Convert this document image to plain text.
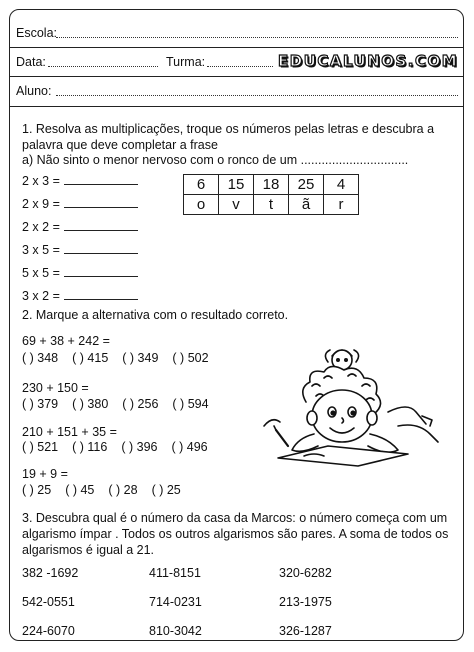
Escola:
Data:	Turma:	EDUCALUNOS.COM
Aluno:
1. Resolva as multiplicações, troque os números pelas letras e descubra a palavra que deve completar a frase
a) Não sinto o menor nervoso com o ronco de um ...............................
2 x 3 =
2 x 9 =
2 x 2 =
3 x 5 =
5 x 5 =
3 x 2 =
6	15	18	25	4
o	v	t	ã	r
2. Marque a alternativa com o resultado correto.
69 + 38 + 242 =
( ) 348 ( ) 415 ( ) 349 ( ) 502
230 + 150 =
( ) 379 ( ) 380 ( ) 256 ( ) 594
210 + 151 + 35 =
( ) 521 ( ) 116 ( ) 396 ( ) 496
19 + 9 =
( ) 25 ( ) 45 ( ) 28 ( ) 25
3. Descubra qual é o número da casa da Marcos: o número começa com um algarismo ímpar . Todos os outros algarismos são pares. A soma de todos os algarismos é igual a 21.
382 -1692	411-8151	320-6282
542-0551	714-0231	213-1975
224-6070	810-3042	326-1287
